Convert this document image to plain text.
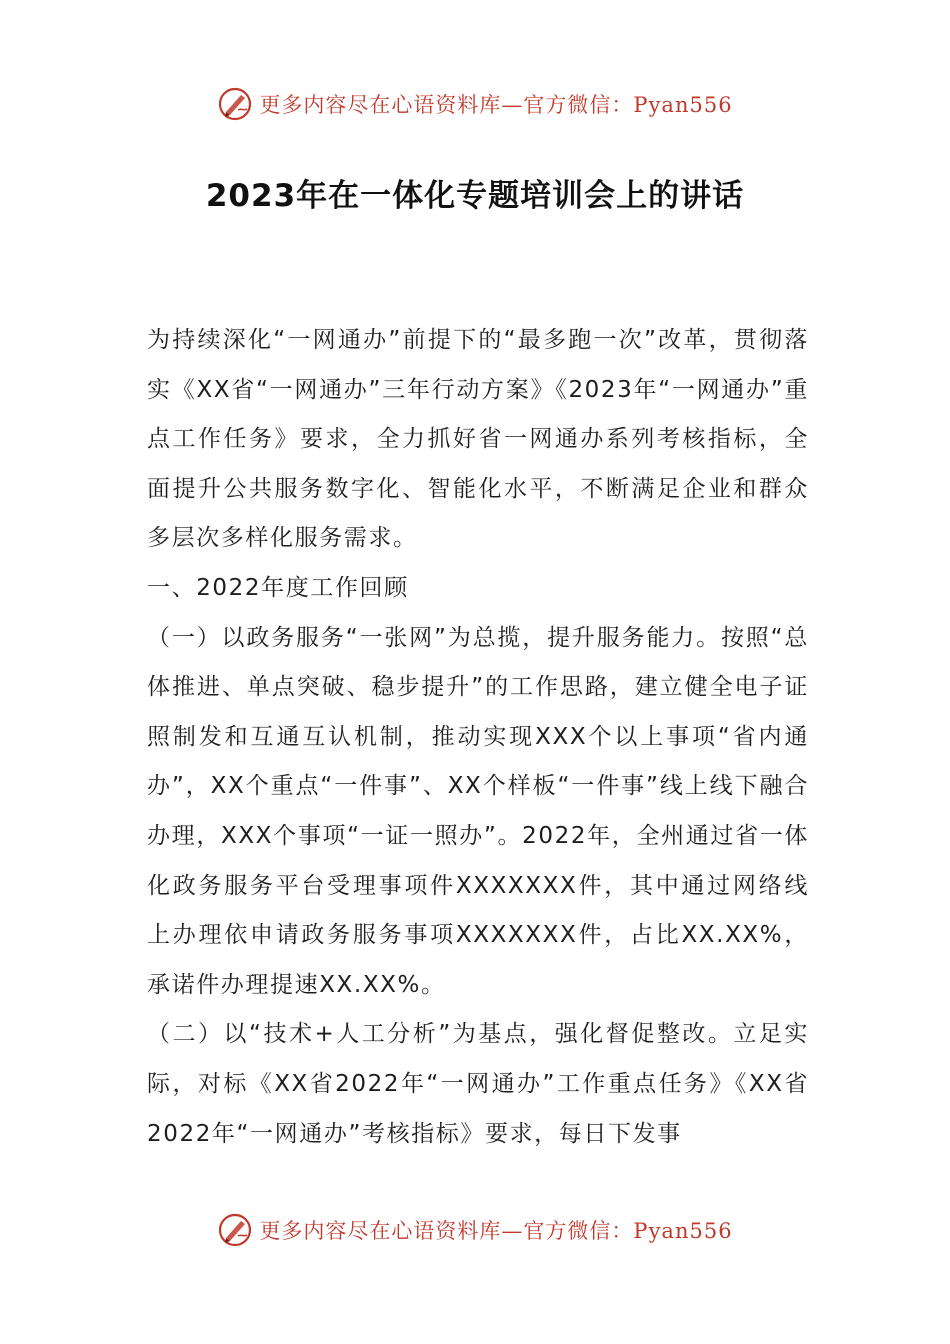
更多内容尽在心语资料库—官方微信：Pyan556
2023年在一体化专题培训会上的讲话

为持续深化“一网通办”前提下的“最多跑一次”改革，贯彻落实《XX省“一网通办”三年行动方案》《2023年“一网通办”重点工作任务》要求，全力抓好省一网通办系列考核指标，全面提升公共服务数字化、智能化水平，不断满足企业和群众多层次多样化服务需求。

一、2022年度工作回顾

（一）以政务服务“一张网”为总揽，提升服务能力。按照“总体推进、单点突破、稳步提升”的工作思路，建立健全电子证照制发和互通互认机制，推动实现XXX个以上事项“省内通办”，XX个重点“一件事”、XX个样板“一件事”线上线下融合办理，XXX个事项“一证一照办”。2022年，全州通过省一体化政务服务平台受理事项件XXXXXXX件，其中通过网络线上办理依申请政务服务事项XXXXXXX件，占比XX.XX%，承诺件办理提速XX.XX%。

（二）以“技术+人工分析”为基点，强化督促整改。立足实际，对标《XX省2022年“一网通办”工作重点任务》《XX省2022年“一网通办”考核指标》要求，每日下发事

更多内容尽在心语资料库—官方微信：Pyan556
